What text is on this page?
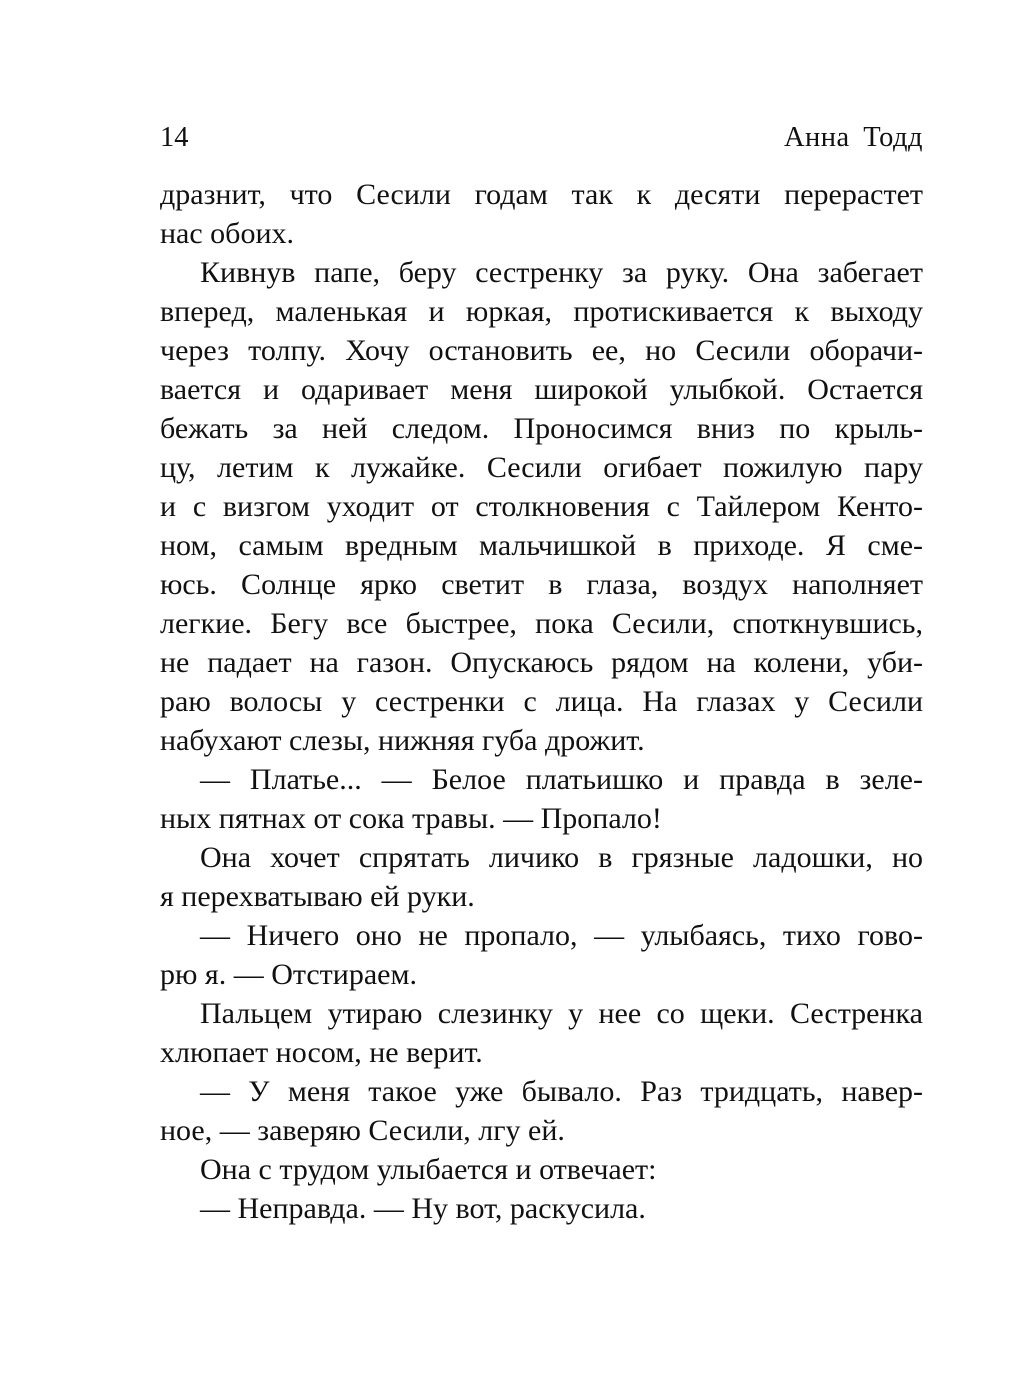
14	Анна Тодд
дразнит, что Сесили годам так к десяти перерастет
нас обоих.
Кивнув папе, беру сестренку за руку. Она забегает
вперед, маленькая и юркая, протискивается к выходу
через толпу. Хочу остановить ее, но Сесили оборачи-
вается и одаривает меня широкой улыбкой. Остается
бежать за ней следом. Проносимся вниз по крыль-
цу, летим к лужайке. Сесили огибает пожилую пару
и с визгом уходит от столкновения с Тайлером Кенто-
ном, самым вредным мальчишкой в приходе. Я сме-
юсь. Солнце ярко светит в глаза, воздух наполняет
легкие. Бегу все быстрее, пока Сесили, споткнувшись,
не падает на газон. Опускаюсь рядом на колени, уби-
раю волосы у сестренки с лица. На глазах у Сесили
набухают слезы, нижняя губа дрожит.
— Платье... — Белое платьишко и правда в зеле-
ных пятнах от сока травы. — Пропало!
Она хочет спрятать личико в грязные ладошки, но
я перехватываю ей руки.
— Ничего оно не пропало, — улыбаясь, тихо гово-
рю я. — Отстираем.
Пальцем утираю слезинку у нее со щеки. Сестренка
хлюпает носом, не верит.
— У меня такое уже бывало. Раз тридцать, навер-
ное, — заверяю Сесили, лгу ей.
Она с трудом улыбается и отвечает:
— Неправда. — Ну вот, раскусила.
